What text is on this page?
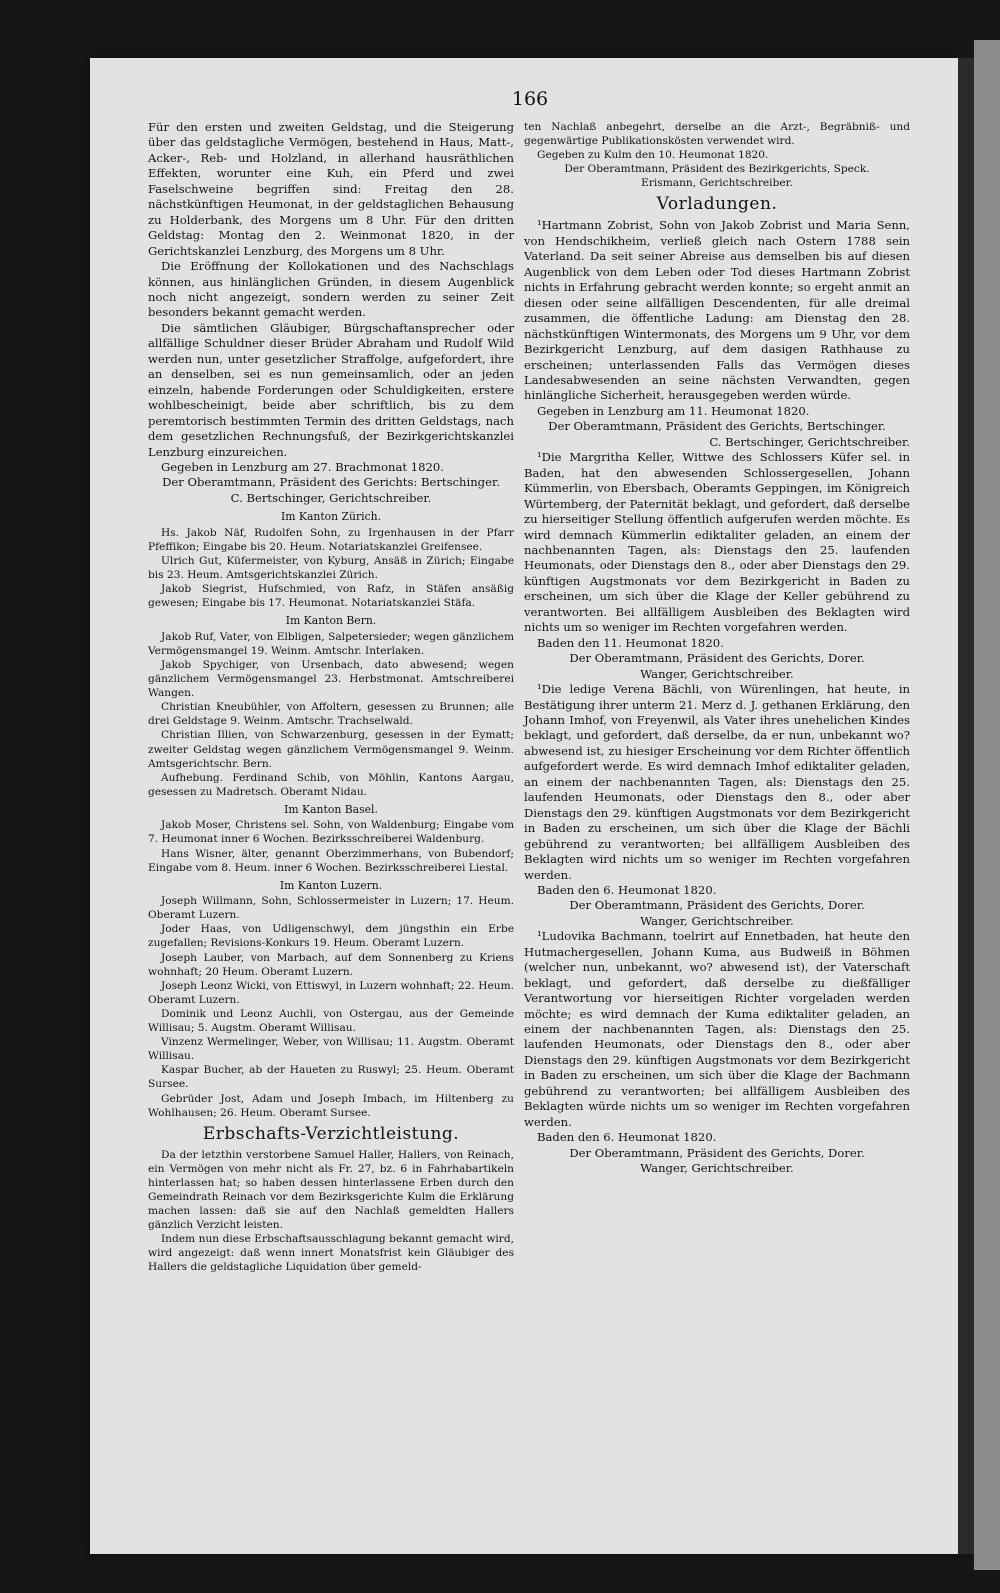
166

Für den ersten und zweiten Geldstag, und die Steigerung über das geldstagliche Vermögen, bestehend in Haus, Matt-, Acker-, Reb- und Holzland, in allerhand hausräthlichen Effekten, worunter eine Kuh, ein Pferd und zwei Faselschweine begriffen sind: Freitag den 28. nächstkünftigen Heumonat, in der geldstaglichen Behausung zu Holderbank, des Morgens um 8 Uhr. Für den dritten Geldstag: Montag den 2. Weinmonat 1820, in der Gerichtskanzlei Lenzburg, des Morgens um 8 Uhr.

Die Eröffnung der Kollokationen und des Nachschlags können, aus hinlänglichen Gründen, in diesem Augenblick noch nicht angezeigt, sondern werden zu seiner Zeit besonders bekannt gemacht werden.

Die sämtlichen Gläubiger, Bürgschaftansprecher oder allfällige Schuldner dieser Brüder Abraham und Rudolf Wild werden nun, unter gesetzlicher Straffolge, aufgefordert, ihre an denselben, sei es nun gemeinsamlich, oder an jeden einzeln, habende Forderungen oder Schuldigkeiten, erstere wohlbescheinigt, beide aber schriftlich, bis zu dem peremtorisch bestimmten Termin des dritten Geldstags, nach dem gesetzlichen Rechnungsfuß, der Bezirkgerichtskanzlei Lenzburg einzureichen.

Gegeben in Lenzburg am 27. Brachmonat 1820.

Der Oberamtmann, Präsident des Gerichts: Bertschinger.

C. Bertschinger, Gerichtschreiber.

Im Kanton Zürich.

Hs. Jakob Näf, Rudolfen Sohn, zu Irgenhausen in der Pfarr Pfeffikon; Eingabe bis 20. Heum. Notariatskanzlei Greifensee.

Ulrich Gut, Küfermeister, von Kyburg, Ansäß in Zürich; Eingabe bis 23. Heum. Amtsgerichtskanzlei Zürich.

Jakob Siegrist, Hufschmied, von Rafz, in Stäfen ansäßig gewesen; Eingabe bis 17. Heumonat. Notariatskanzlei Stäfa.

Im Kanton Bern.

Jakob Ruf, Vater, von Elbligen, Salpetersieder; wegen gänzlichem Vermögensmangel 19. Weinm. Amtschr. Interlaken.

Jakob Spychiger, von Ursenbach, dato abwesend; wegen gänzlichem Vermögensmangel 23. Herbstmonat. Amtschreiberei Wangen.

Christian Kneubühler, von Affoltern, gesessen zu Brunnen; alle drei Geldstage 9. Weinm. Amtschr. Trachselwald.

Christian Illien, von Schwarzenburg, gesessen in der Eymatt; zweiter Geldstag wegen gänzlichem Vermögensmangel 9. Weinm. Amtsgerichtschr. Bern.

Aufhebung. Ferdinand Schib, von Möhlin, Kantons Aargau, gesessen zu Madretsch. Oberamt Nidau.

Im Kanton Basel.

Jakob Moser, Christens sel. Sohn, von Waldenburg; Eingabe vom 7. Heumonat inner 6 Wochen. Bezirksschreiberei Waldenburg.

Hans Wisner, älter, genannt Oberzimmerhans, von Bubendorf; Eingabe vom 8. Heum. inner 6 Wochen. Bezirksschreiberei Liestal.

Im Kanton Luzern.

Joseph Willmann, Sohn, Schlossermeister in Luzern; 17. Heum. Oberamt Luzern.

Joder Haas, von Udligenschwyl, dem jüngsthin ein Erbe zugefallen; Revisions-Konkurs 19. Heum. Oberamt Luzern.

Joseph Lauber, von Marbach, auf dem Sonnenberg zu Kriens wohnhaft; 20 Heum. Oberamt Luzern.

Joseph Leonz Wicki, von Ettiswyl, in Luzern wohnhaft; 22. Heum. Oberamt Luzern.

Dominik und Leonz Auchli, von Ostergau, aus der Gemeinde Willisau; 5. Augstm. Oberamt Willisau.

Vinzenz Wermelinger, Weber, von Willisau; 11. Augstm. Oberamt Willisau.

Kaspar Bucher, ab der Haueten zu Ruswyl; 25. Heum. Oberamt Sursee.

Gebrüder Jost, Adam und Joseph Imbach, im Hiltenberg zu Wohlhausen; 26. Heum. Oberamt Sursee.

Erbschafts-Verzichtleistung.

Da der letzthin verstorbene Samuel Haller, Hallers, von Reinach, ein Vermögen von mehr nicht als Fr. 27, bz. 6 in Fahrhabartikeln hinterlassen hat; so haben dessen hinterlassene Erben durch den Gemeindrath Reinach vor dem Bezirksgerichte Kulm die Erklärung machen lassen: daß sie auf den Nachlaß gemeldten Hallers gänzlich Verzicht leisten.

Indem nun diese Erbschaftsausschlagung bekannt gemacht wird, wird angezeigt: daß wenn innert Monatsfrist kein Gläubiger des Hallers die geldstagliche Liquidation über gemeld-

ten Nachlaß anbegehrt, derselbe an die Arzt-, Begräbniß- und gegenwärtige Publikationskösten verwendet wird.

Gegeben zu Kulm den 10. Heumonat 1820.

Der Oberamtmann, Präsident des Bezirkgerichts, Speck.

Erismann, Gerichtschreiber.

Vorladungen.

¹Hartmann Zobrist, Sohn von Jakob Zobrist und Maria Senn, von Hendschikheim, verließ gleich nach Ostern 1788 sein Vaterland. Da seit seiner Abreise aus demselben bis auf diesen Augenblick von dem Leben oder Tod dieses Hartmann Zobrist nichts in Erfahrung gebracht werden konnte; so ergeht anmit an diesen oder seine allfälligen Descendenten, für alle dreimal zusammen, die öffentliche Ladung: am Dienstag den 28. nächstkünftigen Wintermonats, des Morgens um 9 Uhr, vor dem Bezirkgericht Lenzburg, auf dem dasigen Rathhause zu erscheinen; unterlassenden Falls das Vermögen dieses Landesabwesenden an seine nächsten Verwandten, gegen hinlängliche Sicherheit, herausgegeben werden würde.

Gegeben in Lenzburg am 11. Heumonat 1820.

Der Oberamtmann, Präsident des Gerichts, Bertschinger.

C. Bertschinger, Gerichtschreiber.

¹Die Margritha Keller, Wittwe des Schlossers Küfer sel. in Baden, hat den abwesenden Schlossergesellen, Johann Kümmerlin, von Ebersbach, Oberamts Geppingen, im Königreich Würtemberg, der Paternität beklagt, und gefordert, daß derselbe zu hierseitiger Stellung öffentlich aufgerufen werden möchte. Es wird demnach Kümmerlin ediktaliter geladen, an einem der nachbenannten Tagen, als: Dienstags den 25. laufenden Heumonats, oder Dienstags den 8., oder aber Dienstags den 29. künftigen Augstmonats vor dem Bezirkgericht in Baden zu erscheinen, um sich über die Klage der Keller gebührend zu verantworten. Bei allfälligem Ausbleiben des Beklagten wird nichts um so weniger im Rechten vorgefahren werden.

Baden den 11. Heumonat 1820.

Der Oberamtmann, Präsident des Gerichts, Dorer.

Wanger, Gerichtschreiber.

¹Die ledige Verena Bächli, von Würenlingen, hat heute, in Bestätigung ihrer unterm 21. Merz d. J. gethanen Erklärung, den Johann Imhof, von Freyenwil, als Vater ihres unehelichen Kindes beklagt, und gefordert, daß derselbe, da er nun, unbekannt wo? abwesend ist, zu hiesiger Erscheinung vor dem Richter öffentlich aufgefordert werde. Es wird demnach Imhof ediktaliter geladen, an einem der nachbenannten Tagen, als: Dienstags den 25. laufenden Heumonats, oder Dienstags den 8., oder aber Dienstags den 29. künftigen Augstmonats vor dem Bezirkgericht in Baden zu erscheinen, um sich über die Klage der Bächli gebührend zu verantworten; bei allfälligem Ausbleiben des Beklagten wird nichts um so weniger im Rechten vorgefahren werden.

Baden den 6. Heumonat 1820.

Der Oberamtmann, Präsident des Gerichts, Dorer.

Wanger, Gerichtschreiber.

¹Ludovika Bachmann, toelrirt auf Ennetbaden, hat heute den Hutmachergesellen, Johann Kuma, aus Budweiß in Böhmen (welcher nun, unbekannt, wo? abwesend ist), der Vaterschaft beklagt, und gefordert, daß derselbe zu dießfälliger Verantwortung vor hierseitigen Richter vorgeladen werden möchte; es wird demnach der Kuma ediktaliter geladen, an einem der nachbenannten Tagen, als: Dienstags den 25. laufenden Heumonats, oder Dienstags den 8., oder aber Dienstags den 29. künftigen Augstmonats vor dem Bezirkgericht in Baden zu erscheinen, um sich über die Klage der Bachmann gebührend zu verantworten; bei allfälligem Ausbleiben des Beklagten würde nichts um so weniger im Rechten vorgefahren werden.

Baden den 6. Heumonat 1820.

Der Oberamtmann, Präsident des Gerichts, Dorer.

Wanger, Gerichtschreiber.
